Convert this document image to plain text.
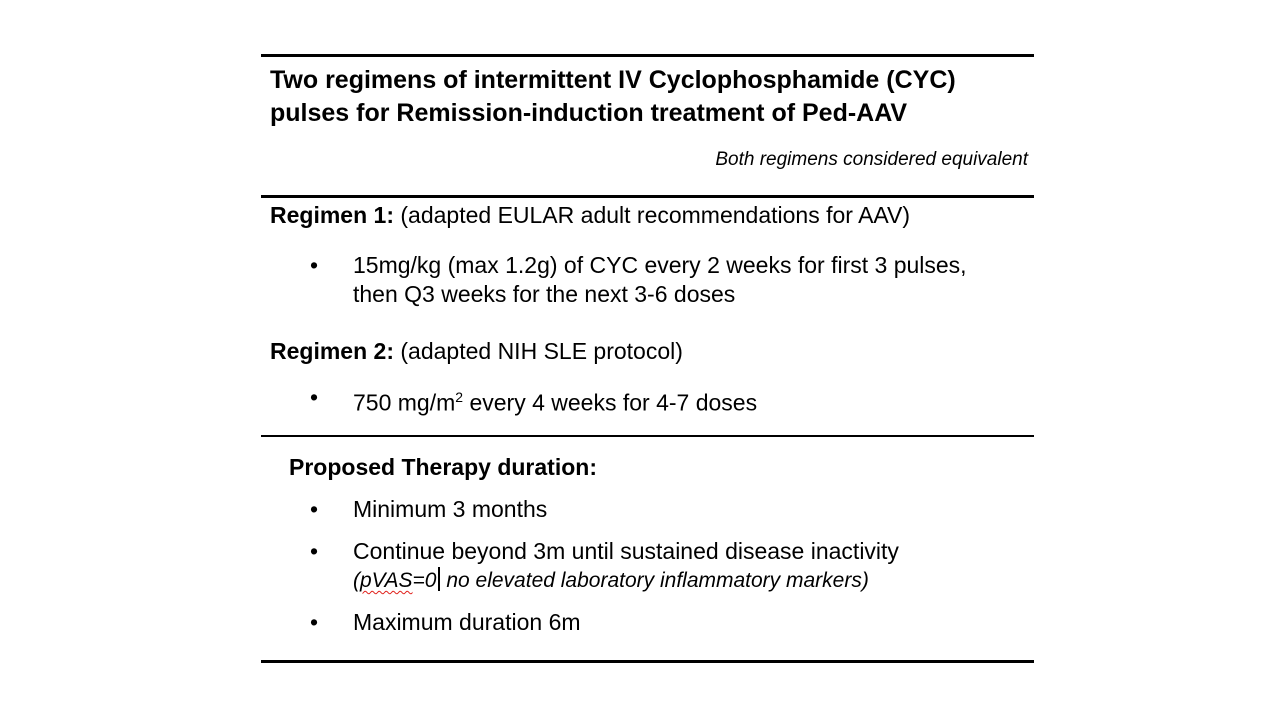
Two regimens of intermittent IV Cyclophosphamide (CYC)
pulses for Remission-induction treatment of Ped-AAV
Both regimens considered equivalent
Regimen 1: (adapted EULAR adult recommendations for AAV)
• 15mg/kg (max 1.2g) of CYC every 2 weeks for first 3 pulses,
then Q3 weeks for the next 3-6 doses
Regimen 2: (adapted NIH SLE protocol)
• 750 $mg/m^2$ every 4 weeks for 4-7 doses
Proposed Therapy duration:
• Minimum 3 months
• Continue beyond 3m until sustained disease inactivity
(pVAS=0 no elevated laboratory inflammatory markers)
• Maximum duration 6m
